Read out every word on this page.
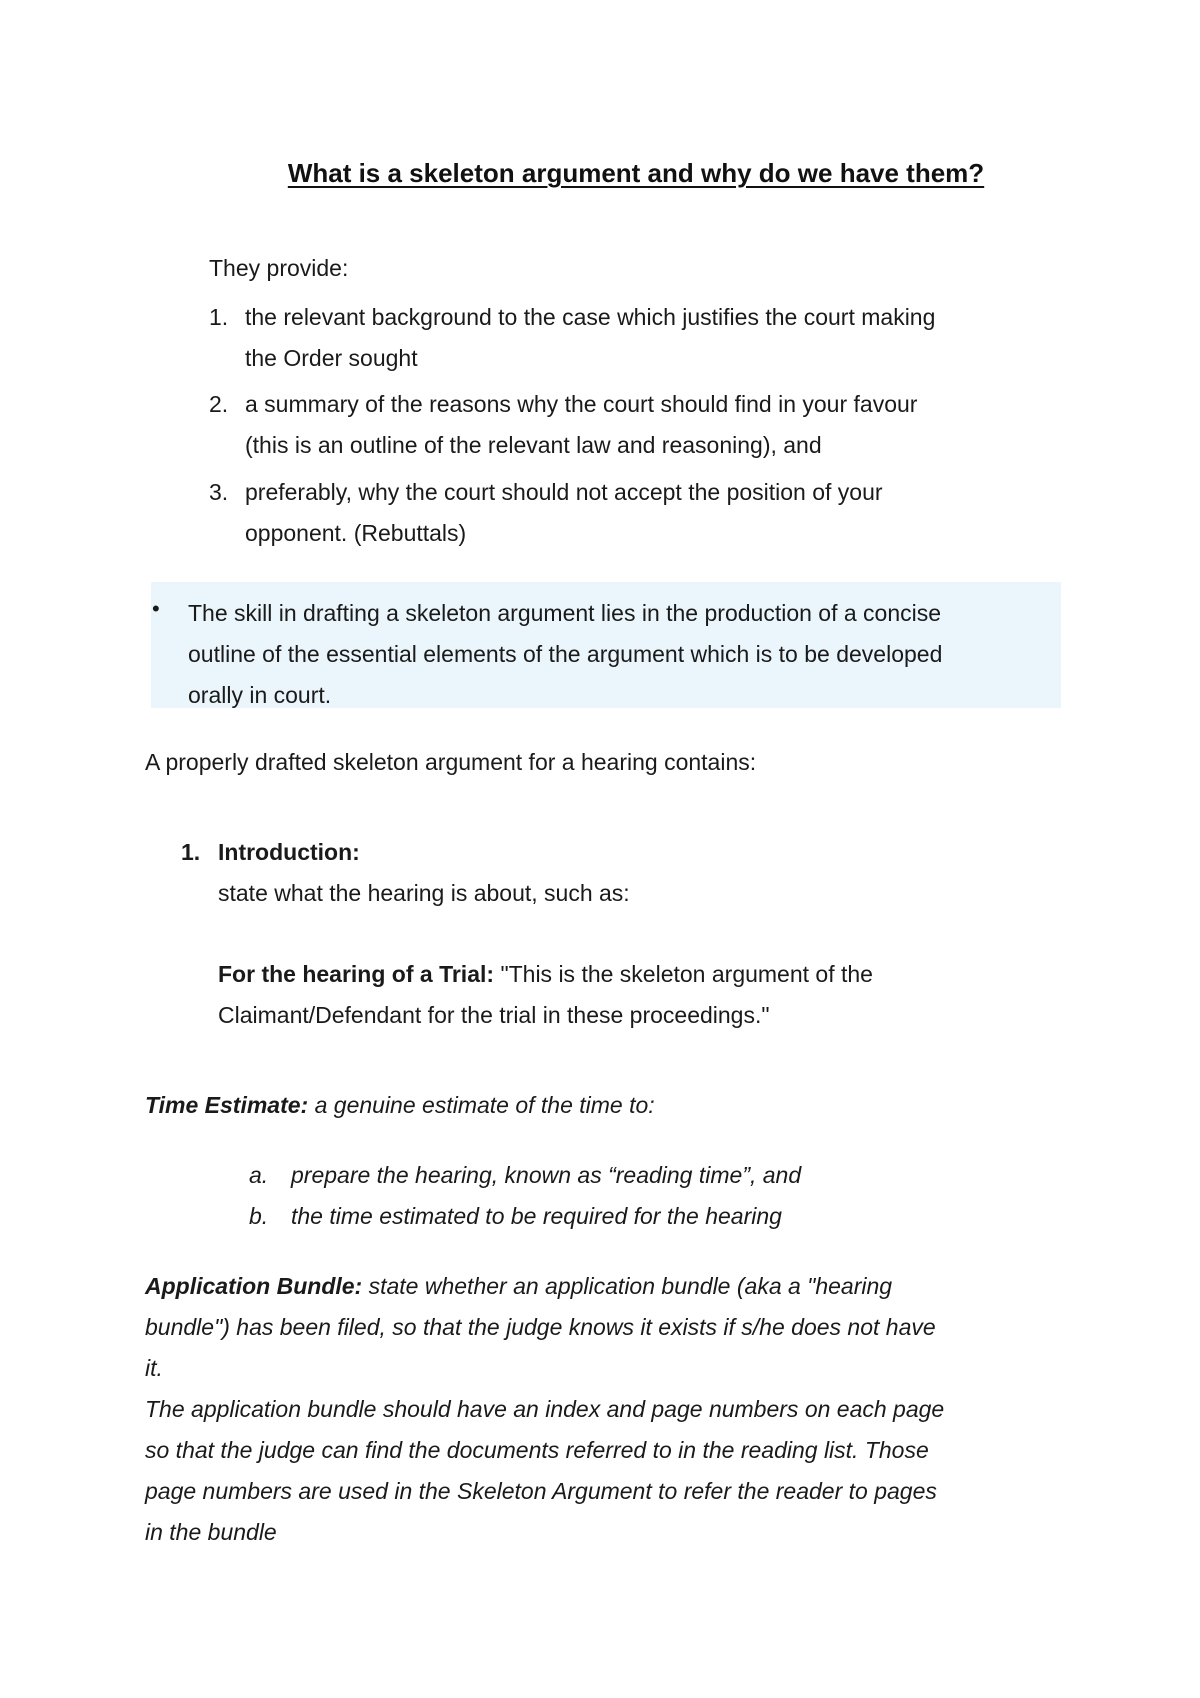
What is a skeleton argument and why do we have them?
They provide:
1. the relevant background to the case which justifies the court making
the Order sought
2. a summary of the reasons why the court should find in your favour
(this is an outline of the relevant law and reasoning), and
3. preferably, why the court should not accept the position of your
opponent. (Rebuttals)
• The skill in drafting a skeleton argument lies in the production of a concise
outline of the essential elements of the argument which is to be developed
orally in court.
A properly drafted skeleton argument for a hearing contains:
1. Introduction:
state what the hearing is about, such as:
For the hearing of a Trial: "This is the skeleton argument of the
Claimant/Defendant for the trial in these proceedings."
Time Estimate: a genuine estimate of the time to:
a. prepare the hearing, known as “reading time”, and
b. the time estimated to be required for the hearing
Application Bundle: state whether an application bundle (aka a "hearing
bundle") has been filed, so that the judge knows it exists if s/he does not have
it.
The application bundle should have an index and page numbers on each page
so that the judge can find the documents referred to in the reading list. Those
page numbers are used in the Skeleton Argument to refer the reader to pages
in the bundle
